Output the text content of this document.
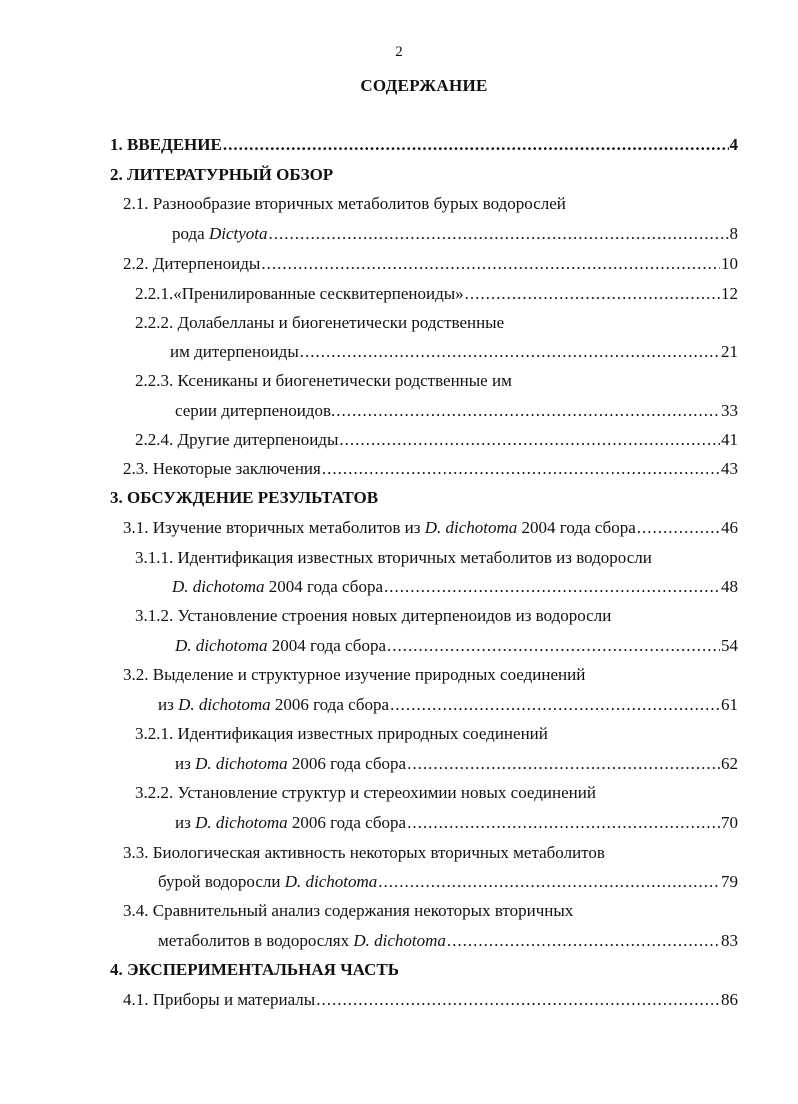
2
СОДЕРЖАНИЕ
1. ВВЕДЕНИЕ .....	4
2. ЛИТЕРАТУРНЫЙ ОБЗОР
2.1. Разнообразие вторичных метаболитов бурых водорослей
рода Dictyota .....	8
2.2. Дитерпеноиды .....	10
2.2.1.«Пренилированные сесквитерпеноиды» .....	12
2.2.2. Долабелланы и биогенетически родственные
им дитерпеноиды .....	21
2.2.3. Ксениканы и биогенетически родственные им
серии дитерпеноидов. .....	33
2.2.4. Другие дитерпеноиды .....	41
2.3. Некоторые заключения .....	43
3. ОБСУЖДЕНИЕ РЕЗУЛЬТАТОВ
3.1. Изучение вторичных метаболитов из D. dichotoma 2004 года сбора .....	46
3.1.1. Идентификация известных вторичных метаболитов из водоросли
D. dichotoma 2004 года сбора .....	48
3.1.2. Установление строения новых дитерпеноидов из водоросли
D. dichotoma 2004 года сбора .....	54
3.2. Выделение и структурное изучение природных соединений
из D. dichotoma 2006 года сбора .....	61
3.2.1. Идентификация известных природных соединений
из D. dichotoma 2006 года сбора .....	62
3.2.2. Установление структур и стереохимии новых соединений
из D. dichotoma 2006 года сбора .....	70
3.3. Биологическая активность некоторых вторичных метаболитов
бурой водоросли D. dichotoma .....	79
3.4. Сравнительный анализ содержания некоторых вторичных
метаболитов в водорослях D. dichotoma .....	83
4. ЭКСПЕРИМЕНТАЛЬНАЯ ЧАСТЬ
4.1. Приборы и материалы .....	86
